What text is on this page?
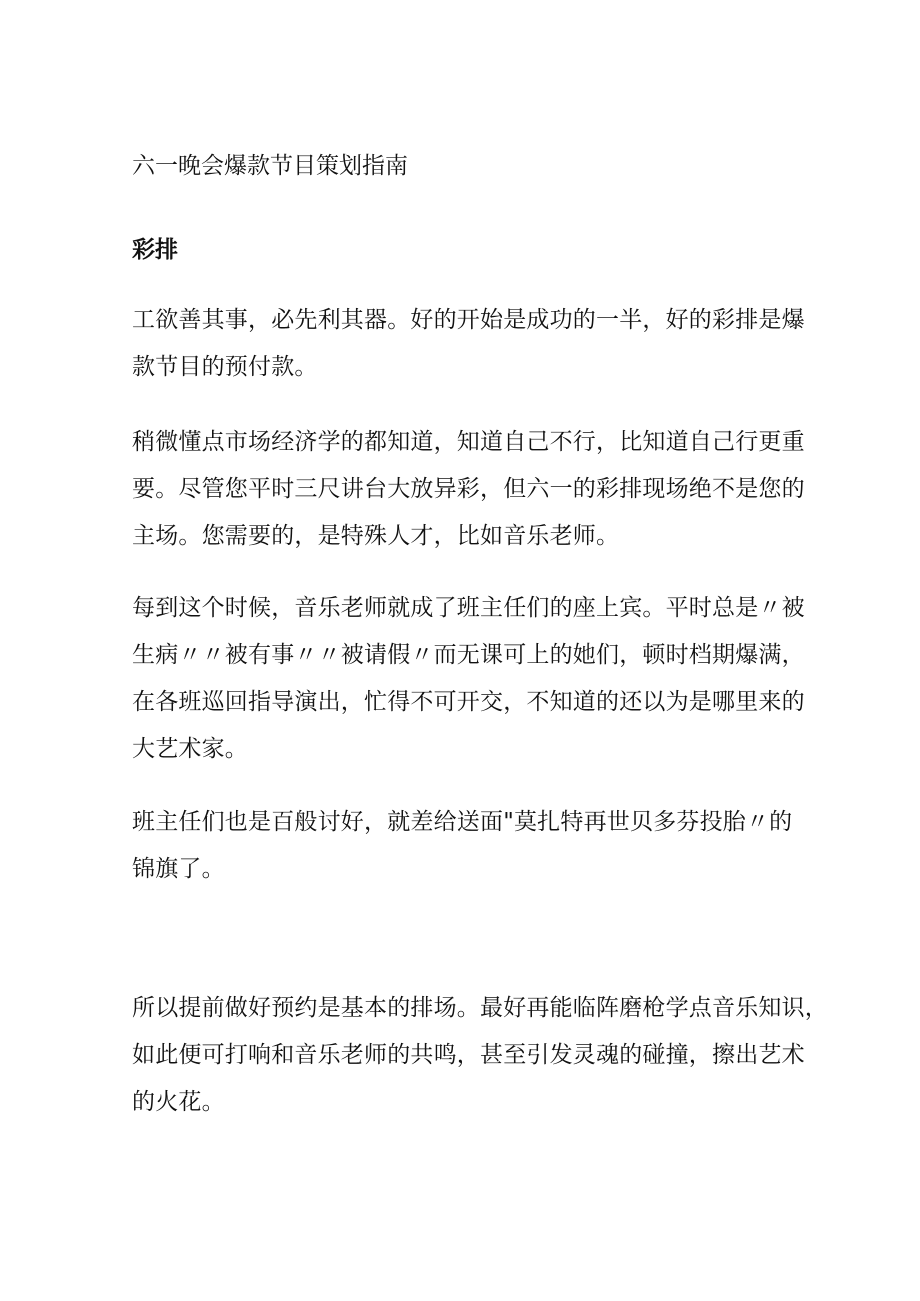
六一晚会爆款节目策划指南
彩排

工欲善其事，必先利其器。好的开始是成功的一半，好的彩排是爆
款节目的预付款。

稍微懂点市场经济学的都知道，知道自己不行，比知道自己行更重
要。尽管您平时三尺讲台大放异彩，但六一的彩排现场绝不是您的
主场。您需要的，是特殊人才，比如音乐老师。

每到这个时候，音乐老师就成了班主任们的座上宾。平时总是〃被
生病〃〃被有事〃〃被请假〃而无课可上的她们，顿时档期爆满，
在各班巡回指导演出，忙得不可开交，不知道的还以为是哪里来的
大艺术家。

班主任们也是百般讨好，就差给送面"莫扎特再世贝多芬投胎〃的
锦旗了。

所以提前做好预约是基本的排场。最好再能临阵磨枪学点音乐知识，
如此便可打响和音乐老师的共鸣，甚至引发灵魂的碰撞，擦出艺术
的火花。
